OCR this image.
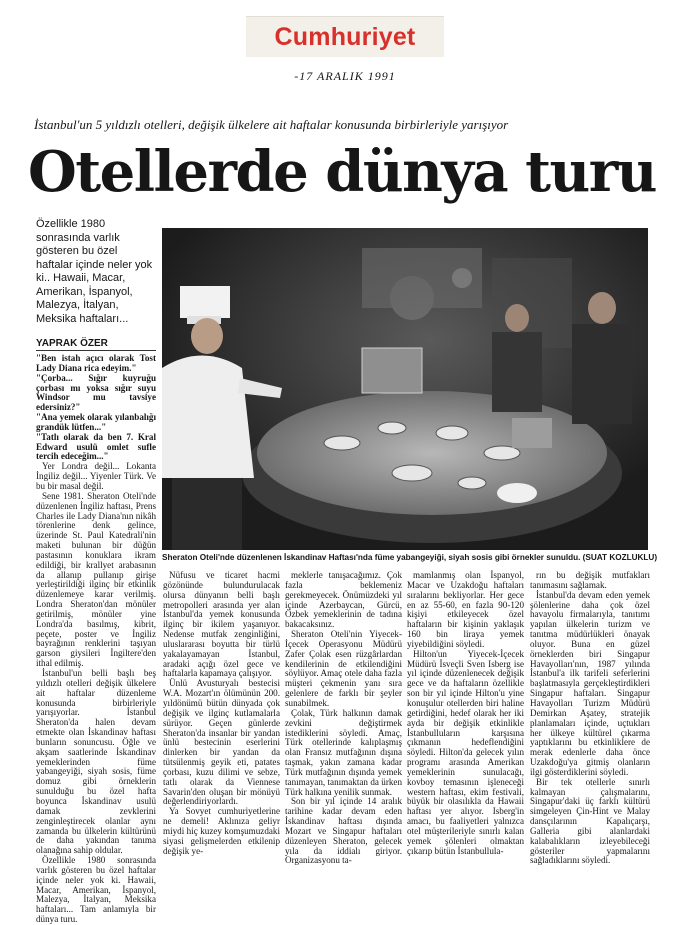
Cumhuriyet
-17 ARALIK 1991
İstanbul'un 5 yıldızlı otelleri, değişik ülkelere ait haftalar konusunda birbirleriyle yarışıyor
Otellerde dünya turu
Özellikle 1980 sonrasında varlık gösteren bu özel haftalar içinde neler yok ki.. Hawaii, Macar, Amerikan, İspanyol, Malezya, İtalyan, Meksika haftaları...
YAPRAK ÖZER

"Ben istah açıcı olarak Tost Lady Diana rica edeyim."

"Çorba... Sığır kuyruğu çorbası mı yoksa sığır suyu Windsor mu tavsiye edersiniz?"

"Ana yemek olarak yılanbalığı grandük lütfen..."

"Tatlı olarak da ben 7. Kral Edward usulü omlet sufle tercih edeceğim..."

Yer Londra değil... Lokanta İngiliz değil... Yiyenler Türk. Ve bu bir masal değil.

Sene 1981. Sheraton Oteli'nde düzenlenen İngiliz haftası, Prens Charles ile Lady Diana'nın nikâh törenlerine denk gelince, üzerinde St. Paul Katedrali'nin maketi bulunan bir düğün pastasının konuklara ikram edildiği, bir krallyet arabasının da allanıp pullanıp girişe yerleştirildiği ilginç bir etkinlik düzenlemeye karar verilmiş. Londra Sheraton'dan mönüler getirilmiş, mönüler yine Londra'da basılmış, kibrit, peçete, poster ve İngiliz bayrağının renklerini taşıyan garson giysileri İngiltere'den ithal edilmiş.

İstanbul'un belli başlı beş yıldızlı otelleri değişik ülkelere ait haftalar düzenleme konusunda birbirleriyle yarışıyorlar. İstanbul Sheraton'da halen devam etmekte olan İskandinav haftası bunların sonuncusu. Öğle ve akşam saatlerinde İskandinav yemeklerinden füme yabangeyiği, siyah sosis, füme domuz gibi örneklerin sunulduğu bu özel hafta boyunca İskandinav usulü damak zevklerini zenginleştirecek olanlar aynı zamanda bu ülkelerin kültürünü de daha yakından tanıma olanağına sahip oldular.

Özellikle 1980 sonrasında varlık gösteren bu özel haftalar içinde neler yok ki. Hawaii, Macar, Amerikan, İspanyol, Malezya, İtalyan, Meksika haftaları... Tam anlamıyla bir dünya turu.

Sheraton Oteli'nde düzenlenen İskandinav Haftası'nda füme yabangeyiği, siyah sosis gibi örnekler sunuldu. (SUAT KOZLUKLU)

Nüfusu ve ticaret hacmi gözönünde bulundurulacak olursa dünyanın belli başlı metropolleri arasında yer alan İstanbul'da yemek konusunda ilginç bir ikilem yaşanıyor. Nedense mutfak zenginliğini, uluslararası boyutta bir türlü yakalayamayan İstanbul, aradaki açığı özel gece ve haftalarla kapamaya çalışıyor.

Ünlü Avusturyalı bestecisi W.A. Mozart'ın ölümünün 200. yıldönümü bütün dünyada çok değişik ve ilginç kutlamalarla sürüyor. Geçen günlerde Sheraton'da insanlar bir yandan ünlü bestecinin eserlerini dinlerken bir yandan da tütsülenmiş geyik eti, patates çorbası, kuzu dilimi ve sebze, tatlı olarak da Viennese Savarin'den oluşan bir mönüyü değerlendiriyorlardı.

Ya Sovyet cumhuriyetlerine ne demeli! Aklınıza geliyr miydi hiç kuzey komşumuzdaki siyasi gelişmelerden etkilenip değişik ye-

meklerle tanışacağımız. Çok fazla beklemeniz gerekmeyecek. Önümüzdeki yıl içinde Azerbaycan, Gürcü, Özbek yemeklerinin de tadına bakacaksınız.

Sheraton Oteli'nin Yiyecek-İçecek Operasyonu Müdürü Zafer Çolak esen rüzgârlardan kendilerinin de etkilendiğini söylüyor. Amaç otele daha fazla müşteri çekmenin yanı sıra gelenlere de farklı bir şeyler sunabilmek.

Çolak, Türk halkının damak zevkini değiştirmek istediklerini söyledi. Amaç, Türk otellerinde kalıplaşmış olan Fransız mutfağının dışına taşmak, yakın zamana kadar Türk mutfağının dışında yemek tanımayan, tanımaktan da ürken Türk halkına yenilik sunmak.

Son bir yıl içinde 14 aralık tarihine kadar devam eden İskandinav haftası dışında Mozart ve Singapur haftaları düzenleyen Sheraton, gelecek yıla da iddialı giriyor. Organizasyonu ta-

mamlanmış olan İspanyol, Macar ve Uzakdoğu haftaları sıralarını bekliyorlar. Her gece en az 55-60, en fazla 90-120 kişiyi etkileyecek özel haftaların bir kişinin yaklaşık 160 bin liraya yemek yiyebildiğini söyledi.

Hilton'un Yiyecek-İçecek Müdürü İsveçli Sven Isberg ise yıl içinde düzenlenecek değişik gece ve da haftaların özellikle son bir yıl içinde Hilton'u yine konuşulur otellerden biri haline getirdiğini, hedef olarak her iki ayda bir değişik etkinlikle İstanbulluların karşısına çıkmanın hedeflendiğini söyledi. Hilton'da gelecek yılın programı arasında Amerikan yemeklerinin sunulacağı, kovboy temasının işleneceği western haftası, ekim festivali, büyük bir olasılıkla da Hawaii haftası yer alıyor. Isberg'in amacı, bu faaliyetleri yalnızca otel müşterileriyle sınırlı kalan yemek şölenleri olmaktan çıkarıp bütün İstanbullula-

rın bu değişik mutfakları tanımasını sağlamak.

İstanbul'da devam eden yemek şölenlerine daha çok özel havayolu firmalarıyla, tanıtımı yapılan ülkelerin turizm ve tanıtma müdürlükleri önayak oluyor. Buna en güzel örneklerden biri Singapur Havayolları'nın, 1987 yılında İstanbul'a ilk tarifeli seferlerini başlatmasıyla gerçekleştirdikleri Singapur haftaları. Singapur Havayolları Turizm Müdürü Demirkan Aşatey, stratejik planlamaları içinde, uçtukları her ülkeye kültürel çıkarma yaptıklarını bu etkinliklere de merak edenlerle daha önce Uzakdoğu'ya gitmiş olanların ilgi gösterdiklerini söyledi.

Bir tek otellerle sınırlı kalmayan çalışmalarını, Singapur'daki üç farklı kültürü simgeleyen Çin-Hint ve Malay dansçılarının Kapalıçarşı, Galleria gibi alanlardaki kalabalıkların izleyebileceği gösteriler yapmalarını sağladıklarını söyledi.
